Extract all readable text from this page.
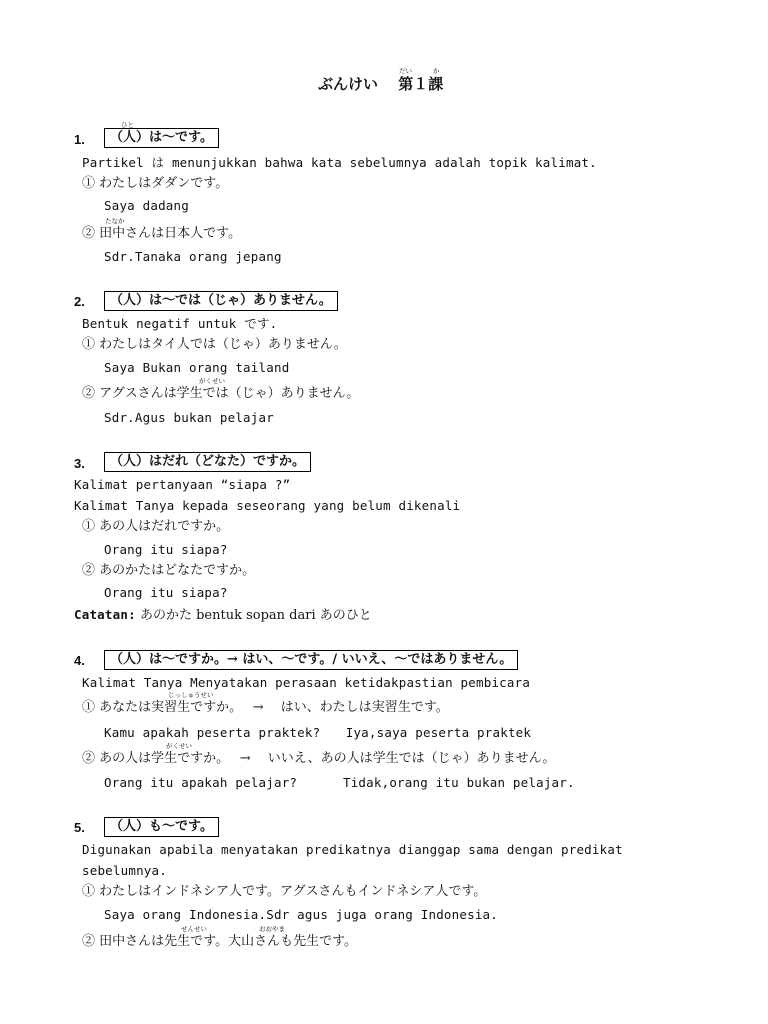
ぶんけい　 第１課
だい	か
1.	（人）は～です。
ひと
Partikel は menunjukkan bahwa kata sebelumnya adalah topik kalimat.
① わたしはダダンです。
Saya dadang
たなか
② 田中さんは日本人です。
Sdr.Tanaka orang jepang
2.	（人）は～では（じゃ）ありません。
Bentuk negatif untuk です.
① わたしはタイ人では（じゃ）ありません。
Saya Bukan orang tailand
がくせい
② アグスさんは学生では（じゃ）ありません。
Sdr.Agus bukan pelajar
3.	（人）はだれ（どなた）ですか。
Kalimat pertanyaan “siapa ?”
Kalimat Tanya kepada seseorang yang belum dikenali
① あの人はだれですか。
Orang itu siapa?
② あのかたはどなたですか。
Orang itu siapa?
Catatan: あのかた bentuk sopan dari あのひと
4.	（人）は～ですか。→ はい、～です。/ いいえ、～ではありません。
Kalimat Tanya Menyatakan perasaan ketidakpastian pembicara
じっしゅうせい
① あなたは実習生ですか。　 →　 はい、わたしは実習生です。
Kamu apakah peserta praktek?　　Iya,saya peserta praktek
がくせい
② あの人は学生ですか。　 →　 いいえ、あの人は学生では（じゃ）ありません。
Orang itu apakah pelajar?　　　 Tidak,orang itu bukan pelajar.
5.	（人）も～です。
Digunakan apabila menyatakan predikatnya dianggap sama dengan predikat
sebelumnya.
① わたしはインドネシア人です。アグスさんもインドネシア人です。
Saya orang Indonesia.Sdr agus juga orang Indonesia.
せんせい	おおやま
② 田中さんは先生です。大山さんも先生です。
